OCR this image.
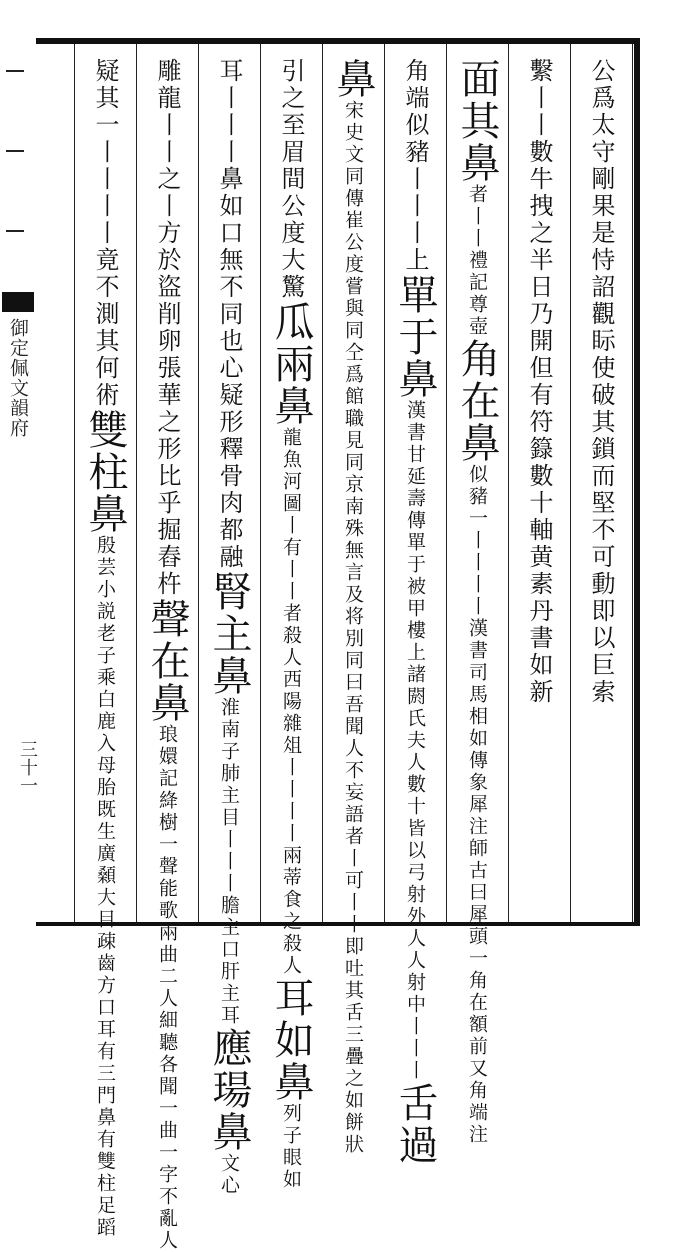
御定佩文韻府
三十一
公爲太守剛果是恃詔觀眎使破其鎖而堅不可動即以巨索
繫丨丨數牛拽之半日乃開但有符籙數十軸黄素丹書如新
面其鼻者丨丨禮記尊壺角在鼻似豬一丨丨丨丨漢書司馬相如傳象犀注師古曰犀頭一角在額前又角端注
角端似豬丨丨丨上單于鼻漢書甘延壽傳單于被甲樓上諸閼氏夫人數十皆以弓射外人人射中丨丨丨舌過
鼻宋史文同傳崔公度嘗與同仝爲館職見同京南殊無言及将別同曰吾聞人不妄語者丨可丨丨即吐其舌三疊之如餅狀
引之至眉間公度大驚瓜兩鼻龍魚河圖丨有丨丨者殺人西陽雜俎丨丨丨丨兩蒂食之殺人耳如鼻列子眼如
耳丨丨丨鼻如口無不同也心疑形釋骨肉都融腎主鼻淮南子肺主目丨丨丨膽主口肝主耳應瑒鼻文心
雕龍丨丨之丨方於盜削卵張華之形比乎掘舂杵聲在鼻琅嬛記絳樹一聲能歌兩曲二人細聽各聞一曲一字不亂人
疑其一丨丨丨丨竟不測其何術雙柱鼻殷芸小説老子乘白鹿入母胎既生廣顙大目疎齒方口耳有三門鼻有雙柱足蹈
